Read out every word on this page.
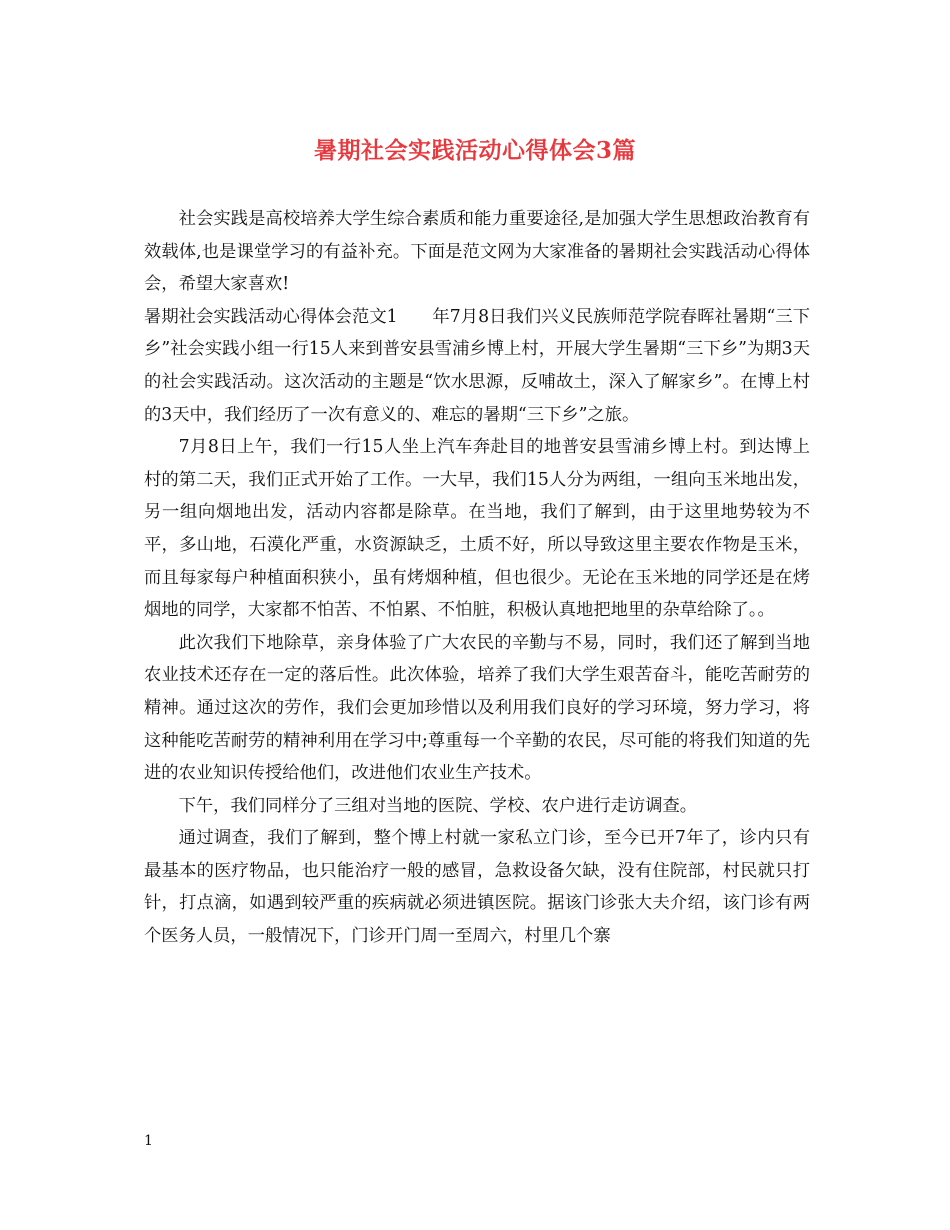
暑期社会实践活动心得体会3篇

社会实践是高校培养大学生综合素质和能力重要途径,是加强大学生思想政治教育有效载体,也是课堂学习的有益补充。下面是范文网为大家准备的暑期社会实践活动心得体会，希望大家喜欢!

暑期社会实践活动心得体会范文1　　年7月8日我们兴义民族师范学院春晖社暑期“三下乡”社会实践小组一行15人来到普安县雪浦乡博上村，开展大学生暑期“三下乡”为期3天的社会实践活动。这次活动的主题是“饮水思源，反哺故土，深入了解家乡”。在博上村的3天中，我们经历了一次有意义的、难忘的暑期“三下乡”之旅。

7月8日上午，我们一行15人坐上汽车奔赴目的地普安县雪浦乡博上村。到达博上村的第二天，我们正式开始了工作。一大早，我们15人分为两组，一组向玉米地出发，另一组向烟地出发，活动内容都是除草。在当地，我们了解到，由于这里地势较为不平，多山地，石漠化严重，水资源缺乏，土质不好，所以导致这里主要农作物是玉米，而且每家每户种植面积狭小，虽有烤烟种植，但也很少。无论在玉米地的同学还是在烤烟地的同学，大家都不怕苦、不怕累、不怕脏，积极认真地把地里的杂草给除了。。

此次我们下地除草，亲身体验了广大农民的辛勤与不易，同时，我们还了解到当地农业技术还存在一定的落后性。此次体验，培养了我们大学生艰苦奋斗，能吃苦耐劳的精神。通过这次的劳作，我们会更加珍惜以及利用我们良好的学习环境，努力学习，将这种能吃苦耐劳的精神利用在学习中;尊重每一个辛勤的农民，尽可能的将我们知道的先进的农业知识传授给他们，改进他们农业生产技术。

下午，我们同样分了三组对当地的医院、学校、农户进行走访调查。

通过调查，我们了解到，整个博上村就一家私立门诊，至今已开7年了，诊内只有最基本的医疗物品，也只能治疗一般的感冒，急救设备欠缺，没有住院部，村民就只打针，打点滴，如遇到较严重的疾病就必须进镇医院。据该门诊张大夫介绍，该门诊有两个医务人员，一般情况下，门诊开门周一至周六，村里几个寨

1
